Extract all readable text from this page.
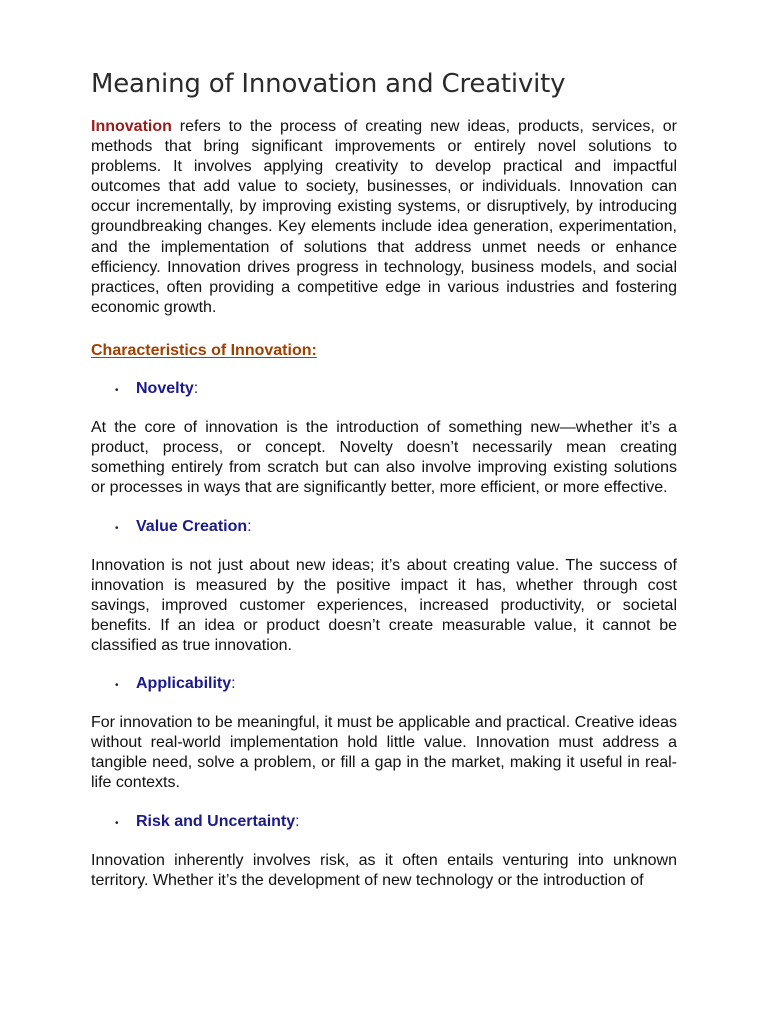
Meaning of Innovation and Creativity

Innovation refers to the process of creating new ideas, products, services, or methods that bring significant improvements or entirely novel solutions to problems. It involves applying creativity to develop practical and impactful outcomes that add value to society, businesses, or individuals. Innovation can occur incrementally, by improving existing systems, or disruptively, by introducing groundbreaking changes. Key elements include idea generation, experimentation, and the implementation of solutions that address unmet needs or enhance efficiency. Innovation drives progress in technology, business models, and social practices, often providing a competitive edge in various industries and fostering economic growth.

Characteristics of Innovation:
•	Novelty:

At the core of innovation is the introduction of something new—whether it’s a product, process, or concept. Novelty doesn’t necessarily mean creating something entirely from scratch but can also involve improving existing solutions or processes in ways that are significantly better, more efficient, or more effective.

•	Value Creation:

Innovation is not just about new ideas; it’s about creating value. The success of innovation is measured by the positive impact it has, whether through cost savings, improved customer experiences, increased productivity, or societal benefits. If an idea or product doesn’t create measurable value, it cannot be classified as true innovation.

•	Applicability:

For innovation to be meaningful, it must be applicable and practical. Creative ideas without real-world implementation hold little value. Innovation must address a tangible need, solve a problem, or fill a gap in the market, making it useful in real-life contexts.

•	Risk and Uncertainty:

Innovation inherently involves risk, as it often entails venturing into unknown territory. Whether it’s the development of new technology or the introduction of
